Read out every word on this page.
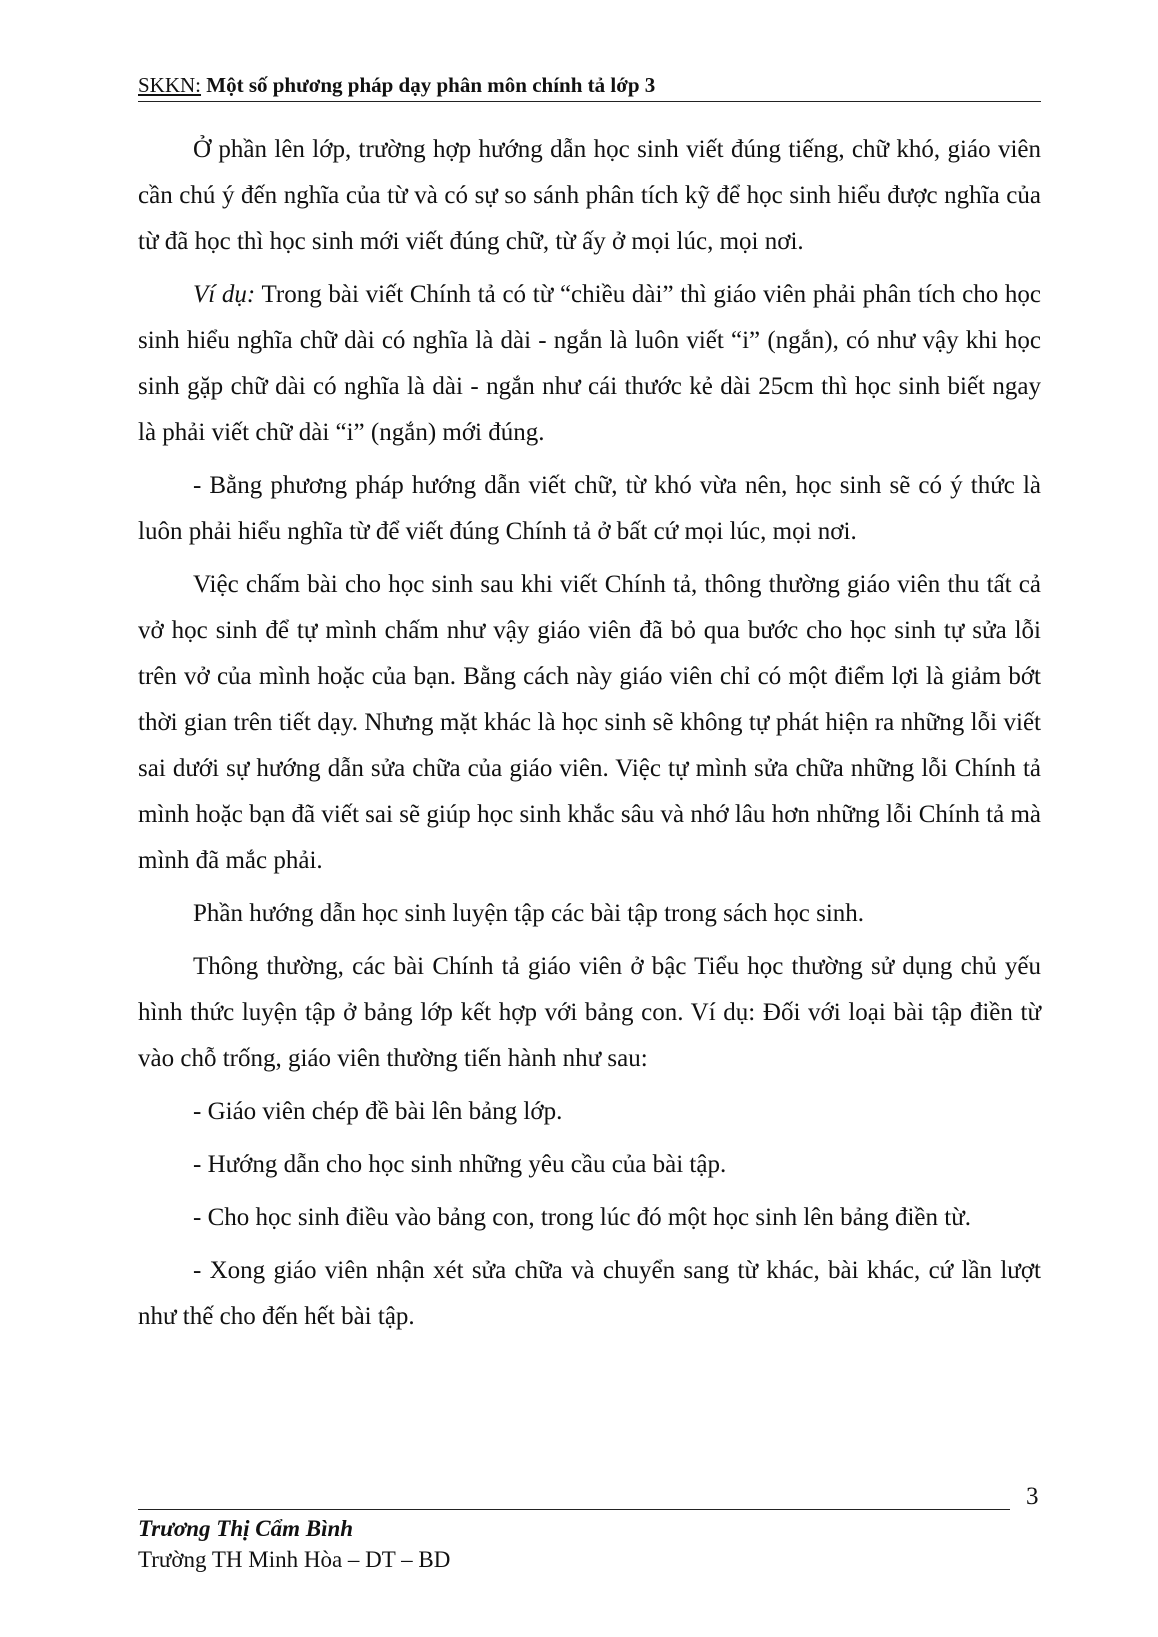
SKKN: Một số phương pháp dạy phân môn chính tả lớp 3

Ở phần lên lớp, trường hợp hướng dẫn học sinh viết đúng tiếng, chữ khó, giáo viên cần chú ý đến nghĩa của từ và có sự so sánh phân tích kỹ để học sinh hiểu được nghĩa của từ đã học thì học sinh mới viết đúng chữ, từ ấy ở mọi lúc, mọi nơi.

Ví dụ: Trong bài viết Chính tả có từ “chiều dài” thì giáo viên phải phân tích cho học sinh hiểu nghĩa chữ dài có nghĩa là dài - ngắn là luôn viết “i” (ngắn), có như vậy khi học sinh gặp chữ dài có nghĩa là dài - ngắn như cái thước kẻ dài 25cm thì học sinh biết ngay là phải viết chữ dài “i” (ngắn) mới đúng.

- Bằng phương pháp hướng dẫn viết chữ, từ khó vừa nên, học sinh sẽ có ý thức là luôn phải hiểu nghĩa từ để viết đúng Chính tả ở bất cứ mọi lúc, mọi nơi.

Việc chấm bài cho học sinh sau khi viết Chính tả, thông thường giáo viên thu tất cả vở học sinh để tự mình chấm như vậy giáo viên đã bỏ qua bước cho học sinh tự sửa lỗi trên vở của mình hoặc của bạn. Bằng cách này giáo viên chỉ có một điểm lợi là giảm bớt thời gian trên tiết dạy. Nhưng mặt khác là học sinh sẽ không tự phát hiện ra những lỗi viết sai dưới sự hướng dẫn sửa chữa của giáo viên. Việc tự mình sửa chữa những lỗi Chính tả mình hoặc bạn đã viết sai sẽ giúp học sinh khắc sâu và nhớ lâu hơn những lỗi Chính tả mà mình đã mắc phải.

Phần hướng dẫn học sinh luyện tập các bài tập trong sách học sinh.

Thông thường, các bài Chính tả giáo viên ở bậc Tiểu học thường sử dụng chủ yếu hình thức luyện tập ở bảng lớp kết hợp với bảng con. Ví dụ: Đối với loại bài tập điền từ vào chỗ trống, giáo viên thường tiến hành như sau:

- Giáo viên chép đề bài lên bảng lớp.

- Hướng dẫn cho học sinh những yêu cầu của bài tập.

- Cho học sinh điều vào bảng con, trong lúc đó một học sinh lên bảng điền từ.

- Xong giáo viên nhận xét sửa chữa và chuyển sang từ khác, bài khác, cứ lần lượt như thế cho đến hết bài tập.

3
Trương Thị Cẩm Bình
Trường TH Minh Hòa – DT – BD
